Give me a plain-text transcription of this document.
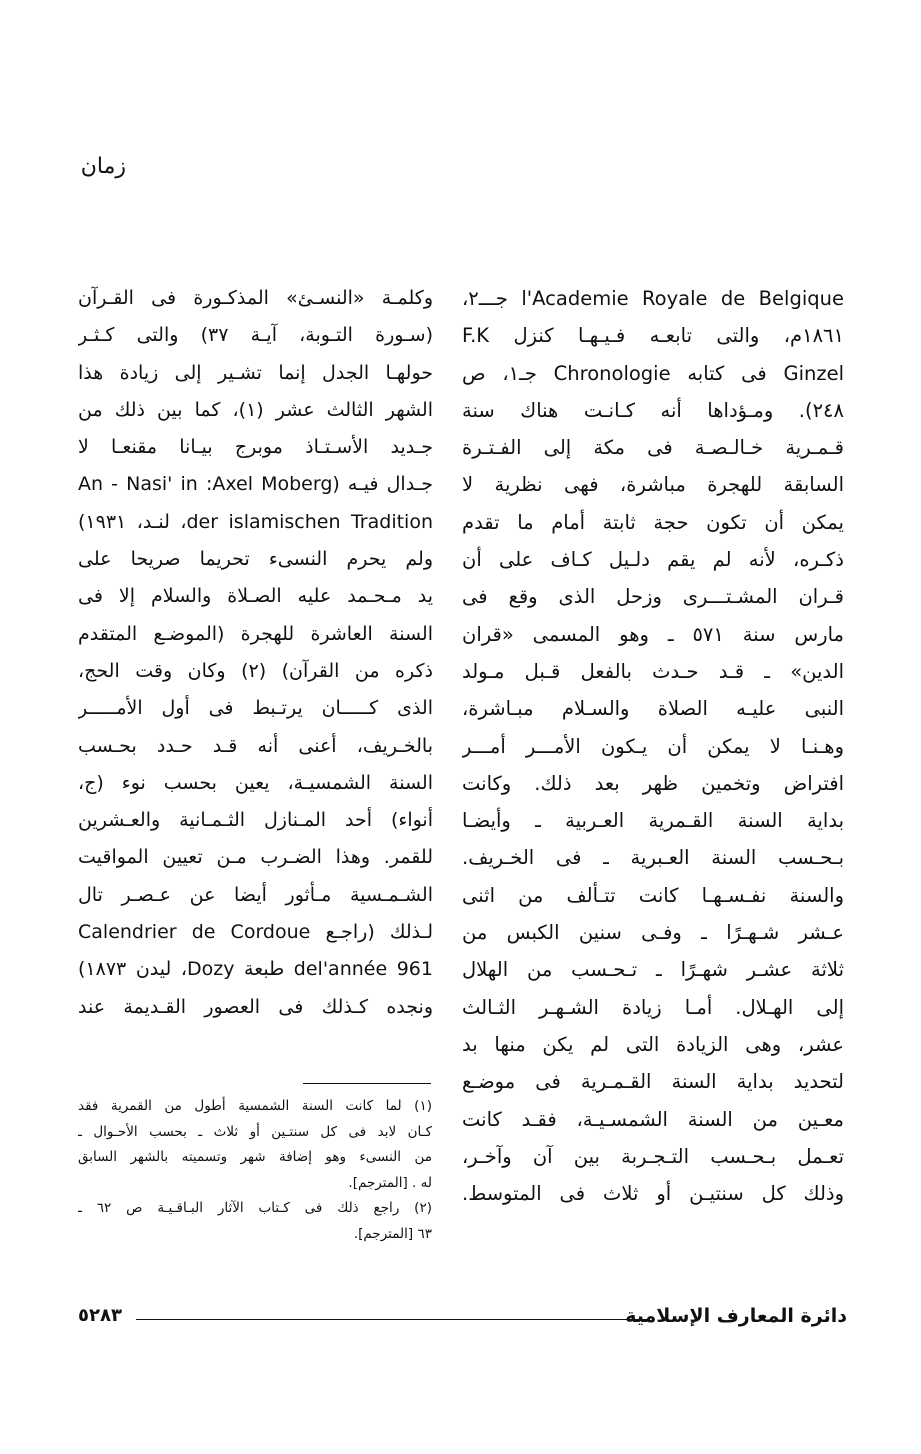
زمان
l'Academie Royale de Belgique جـــ٢،
١٨٦١م، والتى تابعـه فـيـهـا كنزل F.K
Ginzel فى كتابه Chronologie جـ١، ص
٢٤٨). ومـؤداها أنه كـانـت هناك سنة
قـمـرية خـالـصـة فى مكة إلى الفـتـرة
السابقة للهجرة مباشرة، فهى نظرية لا
يمكن أن تكون حجة ثابتة أمام ما تقدم
ذكـره، لأنه لم يقم دلـيل كـاف على أن
قـران المشـتـــرى وزحل الذى وقع فى
مارس سنة ٥٧١ ـ وهو المسمى «قران
الدين» ـ قـد حـدث بالفعل قـبل مـولد
النبى عليـه الصلاة والسـلام مبـاشرة،
وهـنـا لا يمكن أن يـكون الأمـــر أمـــر
افتراض وتخمين ظهر بعد ذلك. وكانت
بداية السنة القـمرية العـربية ـ وأيضـا
بـحـسب السنة العـبرية ـ فى الخـريف.
والسنة نفـسـهـا كانت تتـألف من اثنى
عـشر شـهـرًا ـ وفـى سنين الكبس من
ثلاثة عشـر شهـرًا ـ تـحـسب من الهلال
إلى الهـلال. أمـا زيادة الشـهـر الثـالث
عشر، وهى الزيادة التى لم يكن منها بد
لتحديد بداية السنة القـمـرية فى موضـع
معـين من السنة الشمسـيـة، فقـد كانت
تعـمل بـحـسب التـجـربة بين آن وآخـر،
وذلك كل سنتيـن أو ثلاث فى المتوسط.
وكلمـة «النسـئ» المذكـورة فى القـرآن
(سـورة التـوبة، آيـة ٣٧) والتى كـثـر
حولهـا الجدل إنما تشـير إلى زيادة هذا
الشهر الثالث عشر (١)، كما بين ذلك من
جـديد الأسـتـاذ موبرج بيـانا مقنعـا لا
جـدال فيـه (An - Nasi' in :Axel Moberg
der islamischen Tradition، لنـد، ١٩٣١)
ولم يحرم النسىء تحريما صريحا على
يد مـحـمد عليه الصـلاة والسلام إلا فى
السنة العاشرة للهجرة (الموضـع المتقدم
ذكره من القرآن) (٢) وكان وقت الحج،
الذى كـــــان يرتـبط فى أول الأمـــــر
بالخـريف، أعنى أنه قـد حـدد بحـسب
السنة الشمسيـة، يعين بحسب نوء (ج،
أنواء) أحد المـنازل الثـمـانية والعـشرين
للقمر. وهذا الضـرب مـن تعيين المواقيت
الشـمـسية مـأثور أيضا عن عـصـر تال
لـذلك (راجـع Calendrier de Cordoue
del'année 961 طبعة Dozy، ليدن ١٨٧٣)
ونجده كـذلك فى العصور القـديمة عند
(١) لما كانت السنة الشمسية أطول من القمرية فقد
كـان لابد فى كل سنتـين أو ثلاث ـ بحسب الأحـوال ـ
من النسىء وهو إضافة شهر وتسميته بالشهر السابق
له . [المترجم].
(٢) راجع ذلك فى كـتاب الآثار البـاقـيـة ص ٦٢ ـ
٦٣ [المترجم].
دائرة المعارف الإسلامية
٥٢٨٣
